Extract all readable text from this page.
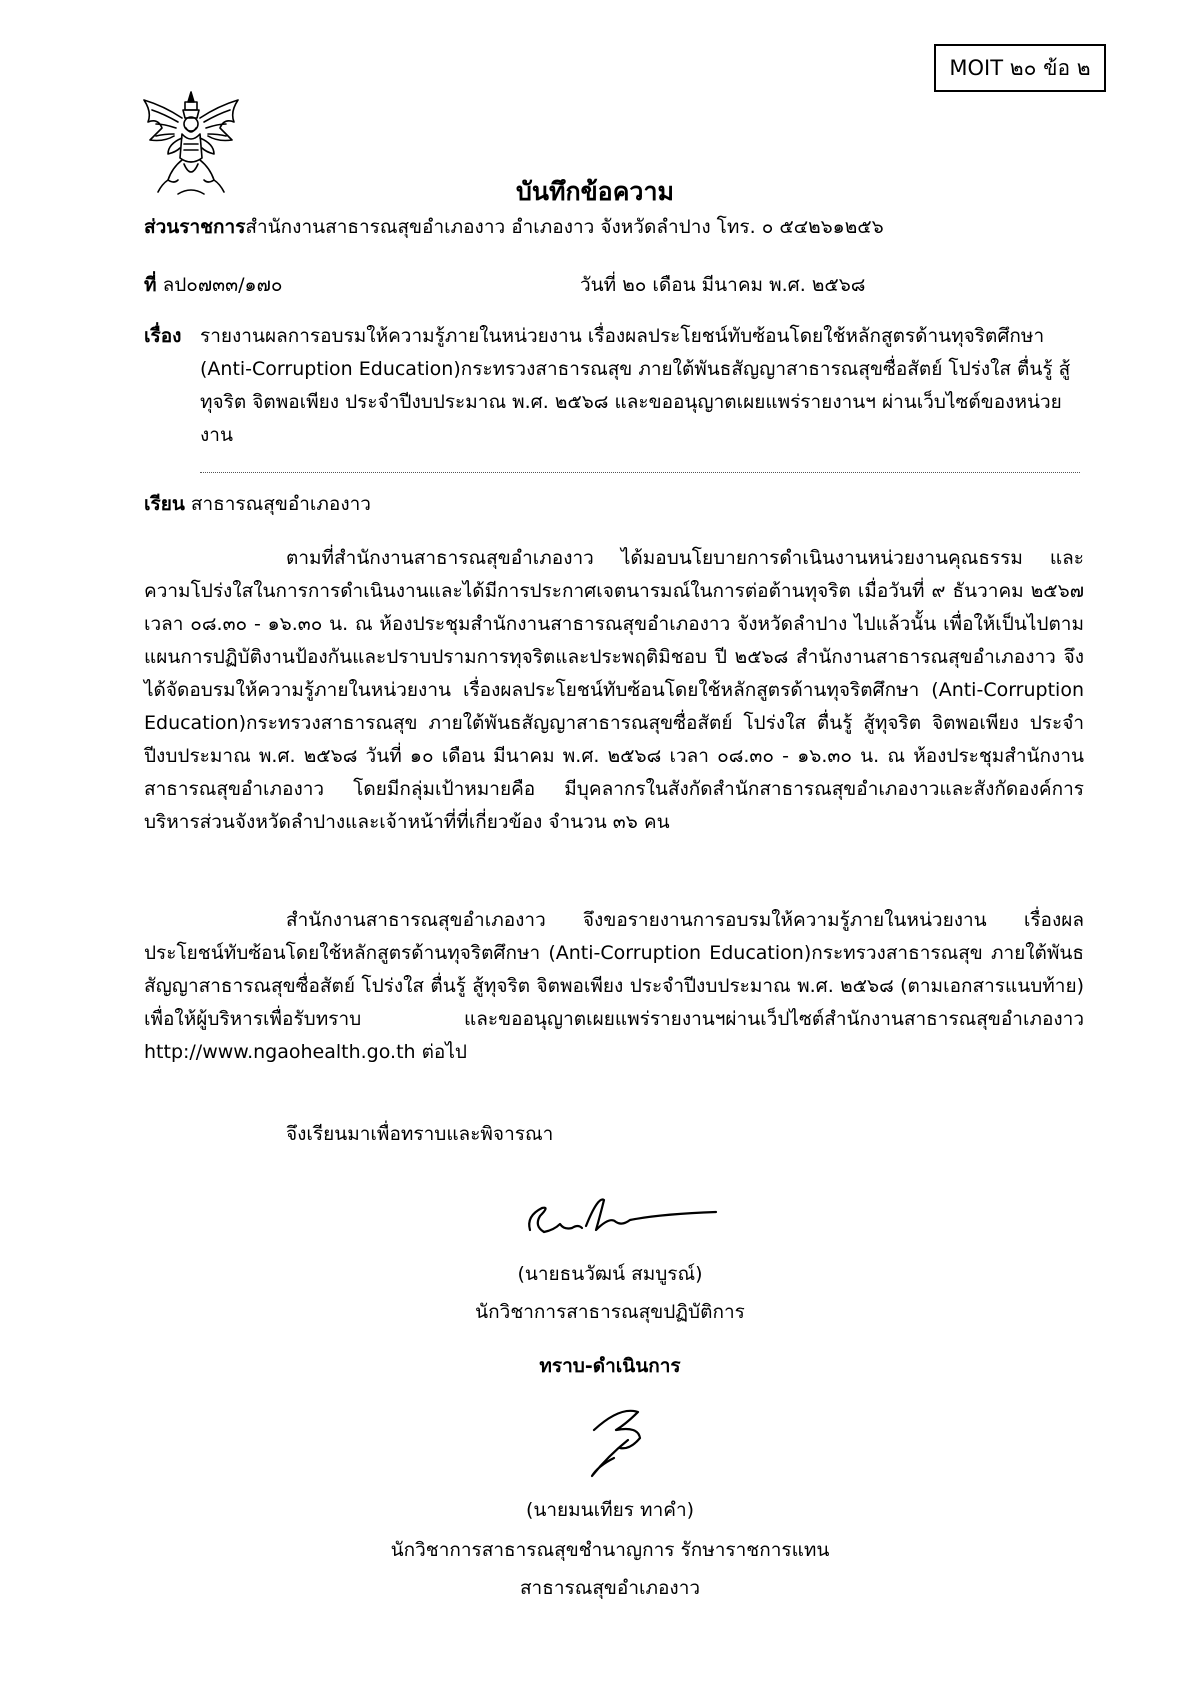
MOIT ๒๐ ข้อ ๒
บันทึกข้อความ
ส่วนราชการสำนักงานสาธารณสุขอำเภองาว อำเภองาว จังหวัดลำปาง โทร. ๐ ๕๔๒๖๑๒๕๖
ที่ ลป๐๗๓๓/๑๗๐	วันที่ ๒๐ เดือน มีนาคม พ.ศ. ๒๕๖๘
เรื่อง รายงานผลการอบรมให้ความรู้ภายในหน่วยงาน เรื่องผลประโยชน์ทับซ้อนโดยใช้หลักสูตรด้านทุจริตศึกษา (Anti-Corruption Education)กระทรวงสาธารณสุข ภายใต้พันธสัญญาสาธารณสุขซื่อสัตย์ โปร่งใส ตื่นรู้ สู้ทุจริต จิตพอเพียง ประจำปีงบประมาณ พ.ศ. ๒๕๖๘ และขออนุญาตเผยแพร่รายงานฯ ผ่านเว็บไซต์ของหน่วยงาน
เรียน สาธารณสุขอำเภองาว
ตามที่สำนักงานสาธารณสุขอำเภองาว ได้มอบนโยบายการดำเนินงานหน่วยงานคุณธรรม และความโปร่งใสในการการดำเนินงานและได้มีการประกาศเจตนารมณ์ในการต่อต้านทุจริต เมื่อวันที่ ๙ ธันวาคม ๒๕๖๗ เวลา ๐๘.๓๐ - ๑๖.๓๐ น. ณ ห้องประชุมสำนักงานสาธารณสุขอำเภองาว จังหวัดลำปาง ไปแล้วนั้น เพื่อให้เป็นไปตามแผนการปฏิบัติงานป้องกันและปราบปรามการทุจริตและประพฤติมิชอบ ปี ๒๕๖๘ สำนักงานสาธารณสุขอำเภองาว จึงได้จัดอบรมให้ความรู้ภายในหน่วยงาน เรื่องผลประโยชน์ทับซ้อนโดยใช้หลักสูตรด้านทุจริตศึกษา (Anti-Corruption Education)กระทรวงสาธารณสุข ภายใต้พันธสัญญาสาธารณสุขซื่อสัตย์ โปร่งใส ตื่นรู้ สู้ทุจริต จิตพอเพียง ประจำปีงบประมาณ พ.ศ. ๒๕๖๘ วันที่ ๑๐ เดือน มีนาคม พ.ศ. ๒๕๖๘ เวลา ๐๘.๓๐ - ๑๖.๓๐ น. ณ ห้องประชุมสำนักงานสาธารณสุขอำเภองาว โดยมีกลุ่มเป้าหมายคือ มีบุคลากรในสังกัดสำนักสาธารณสุขอำเภองาวและสังกัดองค์การบริหารส่วนจังหวัดลำปางและเจ้าหน้าที่ที่เกี่ยวข้อง จำนวน ๓๖ คน
สำนักงานสาธารณสุขอำเภองาว จึงขอรายงานการอบรมให้ความรู้ภายในหน่วยงาน เรื่องผลประโยชน์ทับซ้อนโดยใช้หลักสูตรด้านทุจริตศึกษา (Anti-Corruption Education)กระทรวงสาธารณสุข ภายใต้พันธสัญญาสาธารณสุขซื่อสัตย์ โปร่งใส ตื่นรู้ สู้ทุจริต จิตพอเพียง ประจำปีงบประมาณ พ.ศ. ๒๕๖๘ (ตามเอกสารแนบท้าย) เพื่อให้ผู้บริหารเพื่อรับทราบ และขออนุญาตเผยแพร่รายงานฯผ่านเว็ปไซต์สำนักงานสาธารณสุขอำเภองาว http://www.ngaohealth.go.th ต่อไป
จึงเรียนมาเพื่อทราบและพิจารณา
(นายธนวัฒน์ สมบูรณ์)
นักวิชาการสาธารณสุขปฏิบัติการ
ทราบ-ดำเนินการ
(นายมนเทียร ทาคำ)
นักวิชาการสาธารณสุขชำนาญการ รักษาราชการแทน
สาธารณสุขอำเภองาว
